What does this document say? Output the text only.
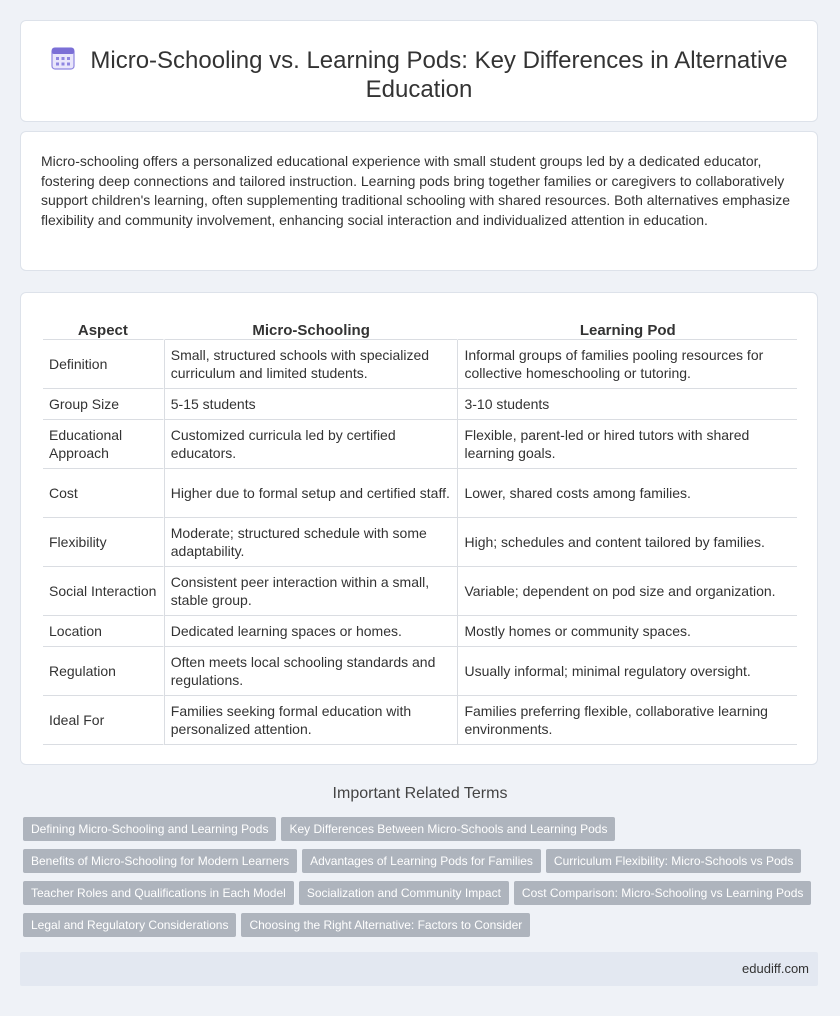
Micro-Schooling vs. Learning Pods: Key Differences in Alternative Education

Micro-schooling offers a personalized educational experience with small student groups led by a dedicated educator, fostering deep connections and tailored instruction. Learning pods bring together families or caregivers to collaboratively support children's learning, often supplementing traditional schooling with shared resources. Both alternatives emphasize flexibility and community involvement, enhancing social interaction and individualized attention in education.

Aspect	Micro-Schooling	Learning Pod
Definition	Small, structured schools with specialized curriculum and limited students.	Informal groups of families pooling resources for collective homeschooling or tutoring.
Group Size	5-15 students	3-10 students
Educational Approach	Customized curricula led by certified educators.	Flexible, parent-led or hired tutors with shared learning goals.
Cost	Higher due to formal setup and certified staff.	Lower, shared costs among families.
Flexibility	Moderate; structured schedule with some adaptability.	High; schedules and content tailored by families.
Social Interaction	Consistent peer interaction within a small, stable group.	Variable; dependent on pod size and organization.
Location	Dedicated learning spaces or homes.	Mostly homes or community spaces.
Regulation	Often meets local schooling standards and regulations.	Usually informal; minimal regulatory oversight.
Ideal For	Families seeking formal education with personalized attention.	Families preferring flexible, collaborative learning environments.
Important Related Terms
Defining Micro-Schooling and Learning Pods Key Differences Between Micro-Schools and Learning Pods
Benefits of Micro-Schooling for Modern Learners Advantages of Learning Pods for Families Curriculum Flexibility: Micro-Schools vs Pods
Teacher Roles and Qualifications in Each Model Socialization and Community Impact Cost Comparison: Micro-Schooling vs Learning Pods
Legal and Regulatory Considerations Choosing the Right Alternative: Factors to Consider
edudiff.com
